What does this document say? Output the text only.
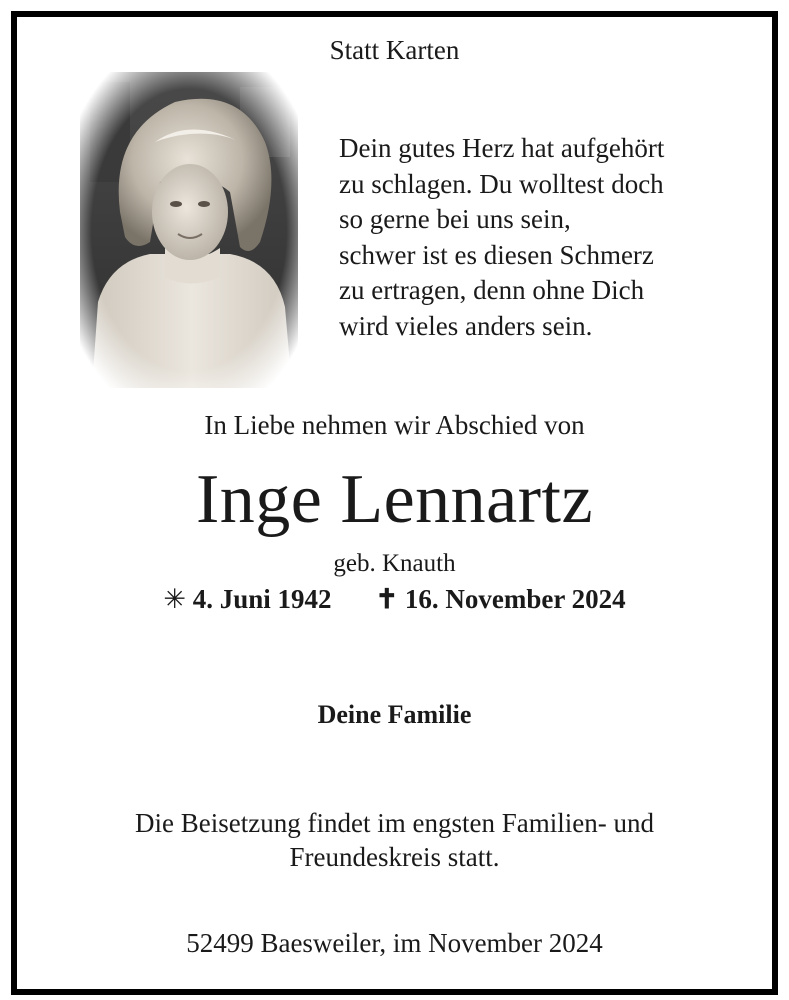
Statt Karten
Dein gutes Herz hat aufgehört
zu schlagen. Du wolltest doch
so gerne bei uns sein,
schwer ist es diesen Schmerz
zu ertragen, denn ohne Dich
wird vieles anders sein.
In Liebe nehmen wir Abschied von
Inge Lennartz
geb. Knauth
✳ 4. Juni 1942 ✝ 16. November 2024
Deine Familie
Die Beisetzung findet im engsten Familien- und
Freundeskreis statt.
52499 Baesweiler, im November 2024
